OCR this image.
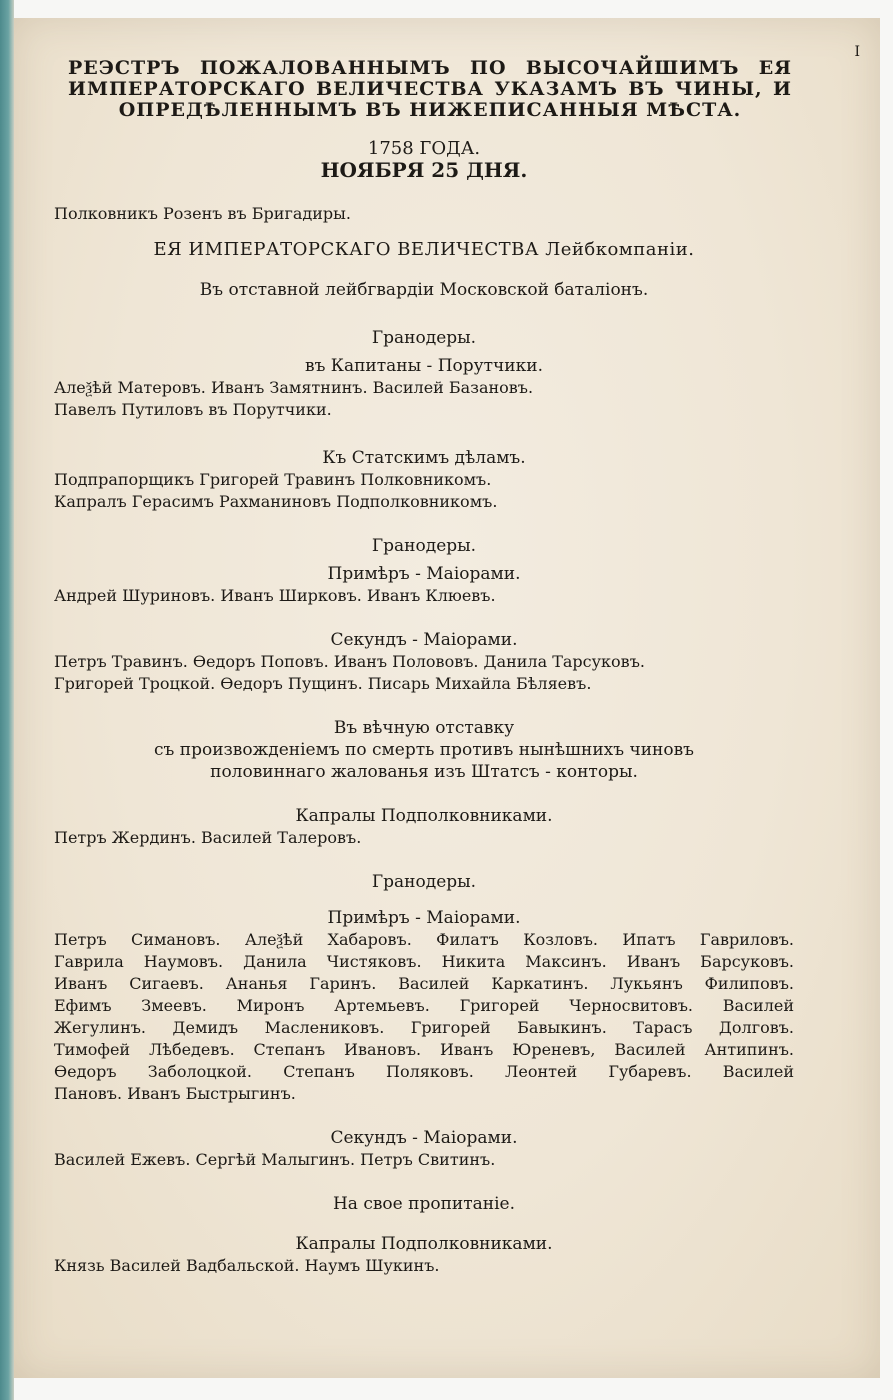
I
РЕЭСТРЪ ПОЖАЛОВАННЫМЪ ПО ВЫСОЧАЙШИМЪ ЕЯ ИМПЕРАТОРСКАГО ВЕЛИЧЕСТВА УКАЗАМЪ ВЪ ЧИНЫ, И ОПРЕДѢЛЕННЫМЪ ВЪ НИЖЕПИСАННЫЯ МѢСТА.
1758 ГОДА.
НОЯБРЯ 25 ДНЯ.
Полковникъ Розенъ въ Бригадиры.
ЕЯ ИМПЕРАТОРСКАГО ВЕЛИЧЕСТВА Лейбкомпанiи.
Въ отставной лейбгвардiи Московской баталiонъ.
Гранодеры.
въ Капитаны - Порутчики.
Алеѯѣй Матеровъ. Иванъ Замятнинъ. Василей Базановъ.
Павелъ Путиловъ въ Порутчики.
Къ Статскимъ дѣламъ.
Подпрапорщикъ Григорей Травинъ Полковникомъ.
Капралъ Герасимъ Рахманиновъ Подполковникомъ.
Гранодеры.
Примѣръ - Маiорами.
Андрей Шуриновъ. Иванъ Ширковъ. Иванъ Клюевъ.
Секундъ - Маiорами.
Петръ Травинъ. Ѳедоръ Поповъ. Иванъ Полововъ. Данила Тарсуковъ.
Григорей Троцкой. Ѳедоръ Пущинъ. Писарь Михайла Бѣляевъ.
Въ вѣчную отставку
съ произвожденiемъ по смерть противъ нынѣшнихъ чиновъ
половиннаго жалованья изъ Штатсъ - конторы.
Капралы Подполковниками.
Петръ Жердинъ. Василей Талеровъ.
Гранодеры.
Примѣръ - Маiорами.
Петръ Симановъ. Алеѯѣй Хабаровъ. Филатъ Козловъ. Ипатъ Гавриловъ.
Гаврила Наумовъ. Данила Чистяковъ. Никита Максинъ. Иванъ Барсуковъ.
Иванъ Сигаевъ. Ананья Гаринъ. Василей Каркатинъ. Лукьянъ Филиповъ.
Ефимъ Змеевъ. Миронъ Артемьевъ. Григорей Черносвитовъ. Василей
Жегулинъ. Демидъ Маслениковъ. Григорей Бавыкинъ. Тарасъ Долговъ.
Тимофей Лѣбедевъ. Степанъ Ивановъ. Иванъ Юреневъ, Василей Антипинъ.
Ѳедоръ Заболоцкой. Степанъ Поляковъ. Леонтей Губаревъ. Василей
Пановъ. Иванъ Быстрыгинъ.
Секундъ - Маiорами.
Василей Ежевъ. Сергѣй Малыгинъ. Петръ Свитинъ.
На свое пропитанiе.
Капралы Подполковниками.
Князь Василей Вадбальской. Наумъ Шукинъ.
